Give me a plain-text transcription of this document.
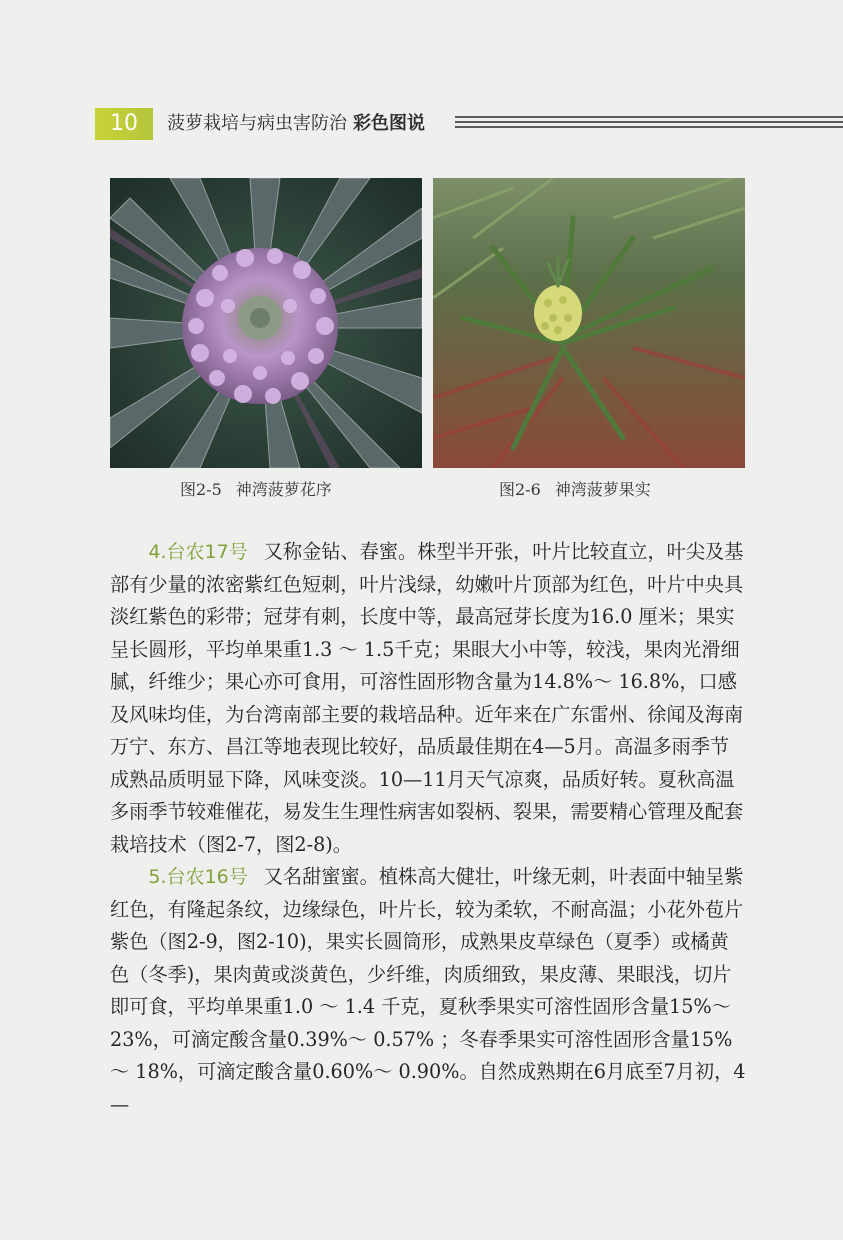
10	菠萝栽培与病虫害防治 彩色图说
图2-5 神湾菠萝花序	图2-6 神湾菠萝果实

4.台农17号 又称金钻、春蜜。株型半开张，叶片比较直立，叶尖及基部有少量的浓密紫红色短刺，叶片浅绿，幼嫩叶片顶部为红色，叶片中央具淡红紫色的彩带；冠芽有刺，长度中等，最高冠芽长度为16.0 厘米；果实呈长圆形，平均单果重1.3 ～ 1.5千克；果眼大小中等，较浅，果肉光滑细腻，纤维少；果心亦可食用，可溶性固形物含量为14.8%～ 16.8%，口感及风味均佳，为台湾南部主要的栽培品种。近年来在广东雷州、徐闻及海南万宁、东方、昌江等地表现比较好，品质最佳期在4—5月。高温多雨季节成熟品质明显下降，风味变淡。10—11月天气凉爽，品质好转。夏秋高温多雨季节较难催花，易发生生理性病害如裂柄、裂果，需要精心管理及配套栽培技术（图2-7，图2-8)。

5.台农16号 又名甜蜜蜜。植株高大健壮，叶缘无刺，叶表面中轴呈紫红色，有隆起条纹，边缘绿色，叶片长，较为柔软，不耐高温；小花外苞片紫色（图2-9，图2-10)，果实长圆筒形，成熟果皮草绿色（夏季）或橘黄色（冬季)，果肉黄或淡黄色，少纤维，肉质细致，果皮薄、果眼浅，切片即可食，平均单果重1.0 ～ 1.4 千克，夏秋季果实可溶性固形含量15%～ 23%，可滴定酸含量0.39%～ 0.57% ；冬春季果实可溶性固形含量15%～ 18%，可滴定酸含量0.60%～ 0.90%。自然成熟期在6月底至7月初，4—
